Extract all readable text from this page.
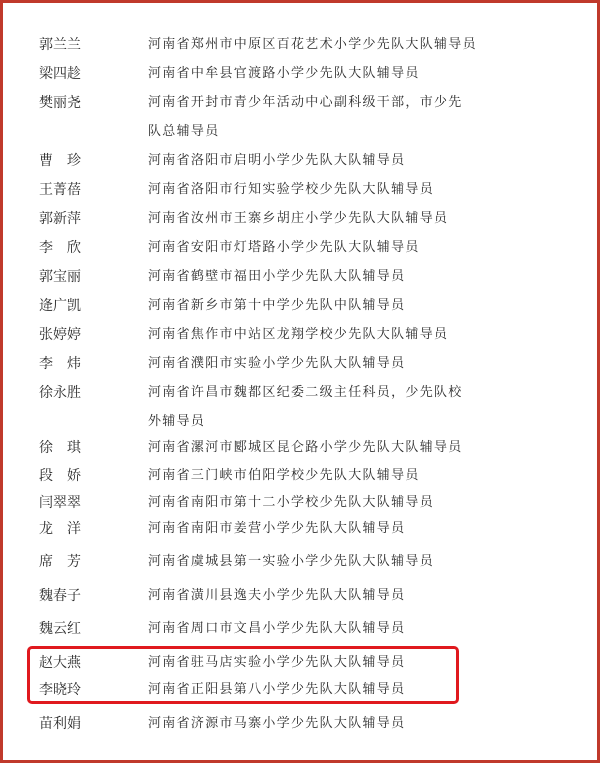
郭兰兰	河南省郑州市中原区百花艺术小学少先队大队辅导员
梁四趁	河南省中牟县官渡路小学少先队大队辅导员
樊丽尧	河南省开封市青少年活动中心副科级干部，市少先
队总辅导员
曹　珍	河南省洛阳市启明小学少先队大队辅导员
王菁蓓	河南省洛阳市行知实验学校少先队大队辅导员
郭新萍	河南省汝州市王寨乡胡庄小学少先队大队辅导员
李　欣	河南省安阳市灯塔路小学少先队大队辅导员
郭宝丽	河南省鹤壁市福田小学少先队大队辅导员
逄广凯	河南省新乡市第十中学少先队中队辅导员
张婷婷	河南省焦作市中站区龙翔学校少先队大队辅导员
李　炜	河南省濮阳市实验小学少先队大队辅导员
徐永胜	河南省许昌市魏都区纪委二级主任科员，少先队校
外辅导员
徐　琪	河南省漯河市郾城区昆仑路小学少先队大队辅导员
段　娇	河南省三门峡市伯阳学校少先队大队辅导员
闫翠翠	河南省南阳市第十二小学校少先队大队辅导员
龙　洋	河南省南阳市姜营小学少先队大队辅导员
席　芳	河南省虞城县第一实验小学少先队大队辅导员
魏春子	河南省潢川县逸夫小学少先队大队辅导员
魏云红	河南省周口市文昌小学少先队大队辅导员
赵大燕	河南省驻马店实验小学少先队大队辅导员
李晓玲	河南省正阳县第八小学少先队大队辅导员
苗利娟	河南省济源市马寨小学少先队大队辅导员
